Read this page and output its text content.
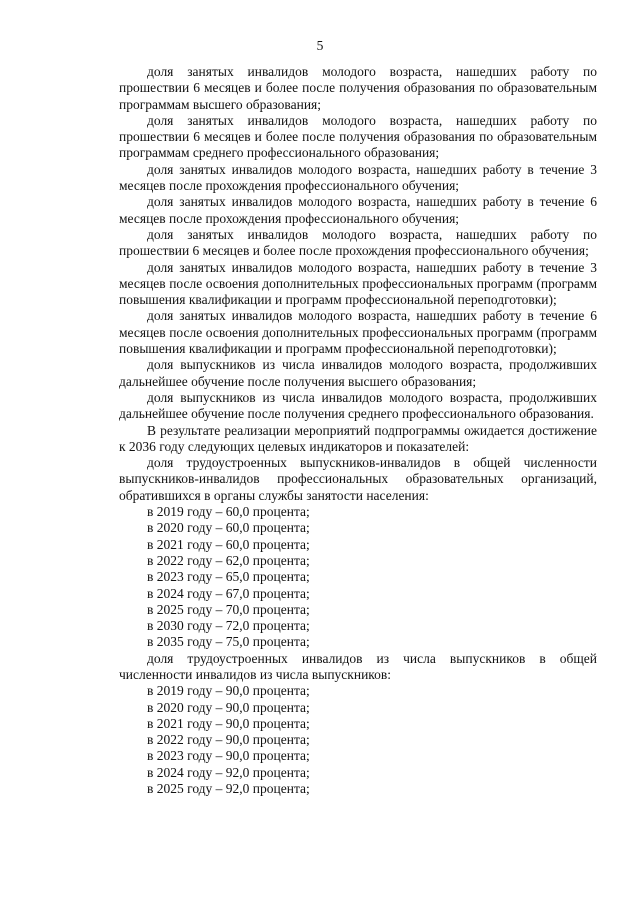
5

доля занятых инвалидов молодого возраста, нашедших работу по прошествии 6 месяцев и более после получения образования по образовательным программам высшего образования;

доля занятых инвалидов молодого возраста, нашедших работу по прошествии 6 месяцев и более после получения образования по образовательным программам среднего профессионального образования;

доля занятых инвалидов молодого возраста, нашедших работу в течение 3 месяцев после прохождения профессионального обучения;

доля занятых инвалидов молодого возраста, нашедших работу в течение 6 месяцев после прохождения профессионального обучения;

доля занятых инвалидов молодого возраста, нашедших работу по прошествии 6 месяцев и более после прохождения профессионального обучения;

доля занятых инвалидов молодого возраста, нашедших работу в течение 3 месяцев после освоения дополнительных профессиональных программ (программ повышения квалификации и программ профессиональной переподготовки);

доля занятых инвалидов молодого возраста, нашедших работу в течение 6 месяцев после освоения дополнительных профессиональных программ (программ повышения квалификации и программ профессиональной переподготовки);

доля выпускников из числа инвалидов молодого возраста, продолживших дальнейшее обучение после получения высшего образования;

доля выпускников из числа инвалидов молодого возраста, продолживших дальнейшее обучение после получения среднего профессионального образования.

В результате реализации мероприятий подпрограммы ожидается достижение к 2036 году следующих целевых индикаторов и показателей:

доля трудоустроенных выпускников-инвалидов в общей численности выпускников-инвалидов профессиональных образовательных организаций, обратившихся в органы службы занятости населения:

в 2019 году – 60,0 процента;

в 2020 году – 60,0 процента;

в 2021 году – 60,0 процента;

в 2022 году – 62,0 процента;

в 2023 году – 65,0 процента;

в 2024 году – 67,0 процента;

в 2025 году – 70,0 процента;

в 2030 году – 72,0 процента;

в 2035 году – 75,0 процента;

доля трудоустроенных инвалидов из числа выпускников в общей численности инвалидов из числа выпускников:

в 2019 году – 90,0 процента;

в 2020 году – 90,0 процента;

в 2021 году – 90,0 процента;

в 2022 году – 90,0 процента;

в 2023 году – 90,0 процента;

в 2024 году – 92,0 процента;

в 2025 году – 92,0 процента;
